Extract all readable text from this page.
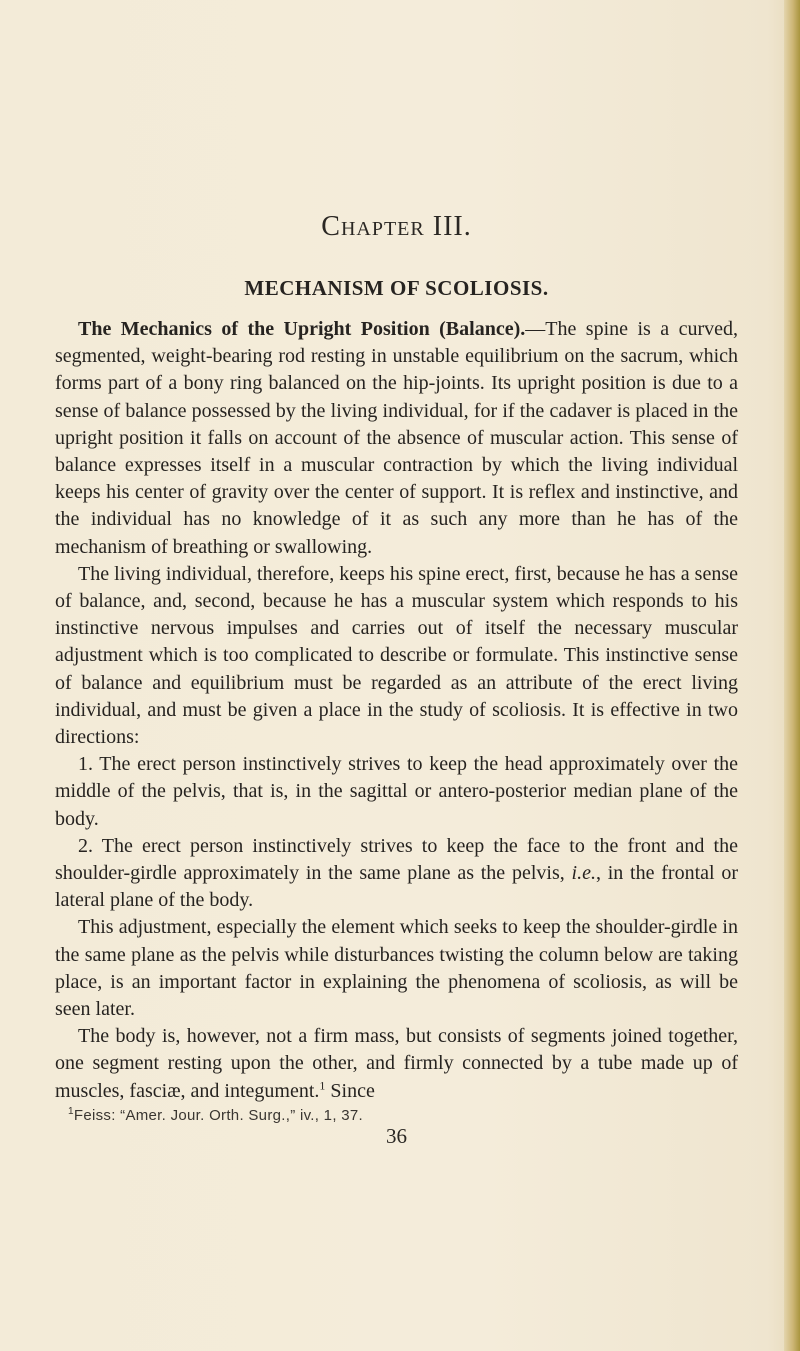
Chapter III.
MECHANISM OF SCOLIOSIS.

The Mechanics of the Upright Position (Balance).—The spine is a curved, segmented, weight-bearing rod resting in unstable equilibrium on the sacrum, which forms part of a bony ring balanced on the hip-joints. Its upright position is due to a sense of balance possessed by the living individual, for if the cadaver is placed in the upright position it falls on account of the absence of muscular action. This sense of balance expresses itself in a muscular contraction by which the living individual keeps his center of gravity over the center of support. It is reflex and instinctive, and the individual has no knowledge of it as such any more than he has of the mechanism of breathing or swallowing.

The living individual, therefore, keeps his spine erect, first, because he has a sense of balance, and, second, because he has a muscular system which responds to his instinctive nervous impulses and carries out of itself the necessary muscular adjustment which is too complicated to describe or formulate. This instinctive sense of balance and equilibrium must be regarded as an attribute of the erect living individual, and must be given a place in the study of scoliosis. It is effective in two directions:

1. The erect person instinctively strives to keep the head approximately over the middle of the pelvis, that is, in the sagittal or antero-posterior median plane of the body.

2. The erect person instinctively strives to keep the face to the front and the shoulder-girdle approximately in the same plane as the pelvis, i.e., in the frontal or lateral plane of the body.

This adjustment, especially the element which seeks to keep the shoulder-girdle in the same plane as the pelvis while disturbances twisting the column below are taking place, is an important factor in explaining the phenomena of scoliosis, as will be seen later.

The body is, however, not a firm mass, but consists of segments joined together, one segment resting upon the other, and firmly connected by a tube made up of muscles, fasciæ, and integument.$^1$ Since

$^1$Feiss: “Amer. Jour. Orth. Surg.,” iv., 1, 37.
36
